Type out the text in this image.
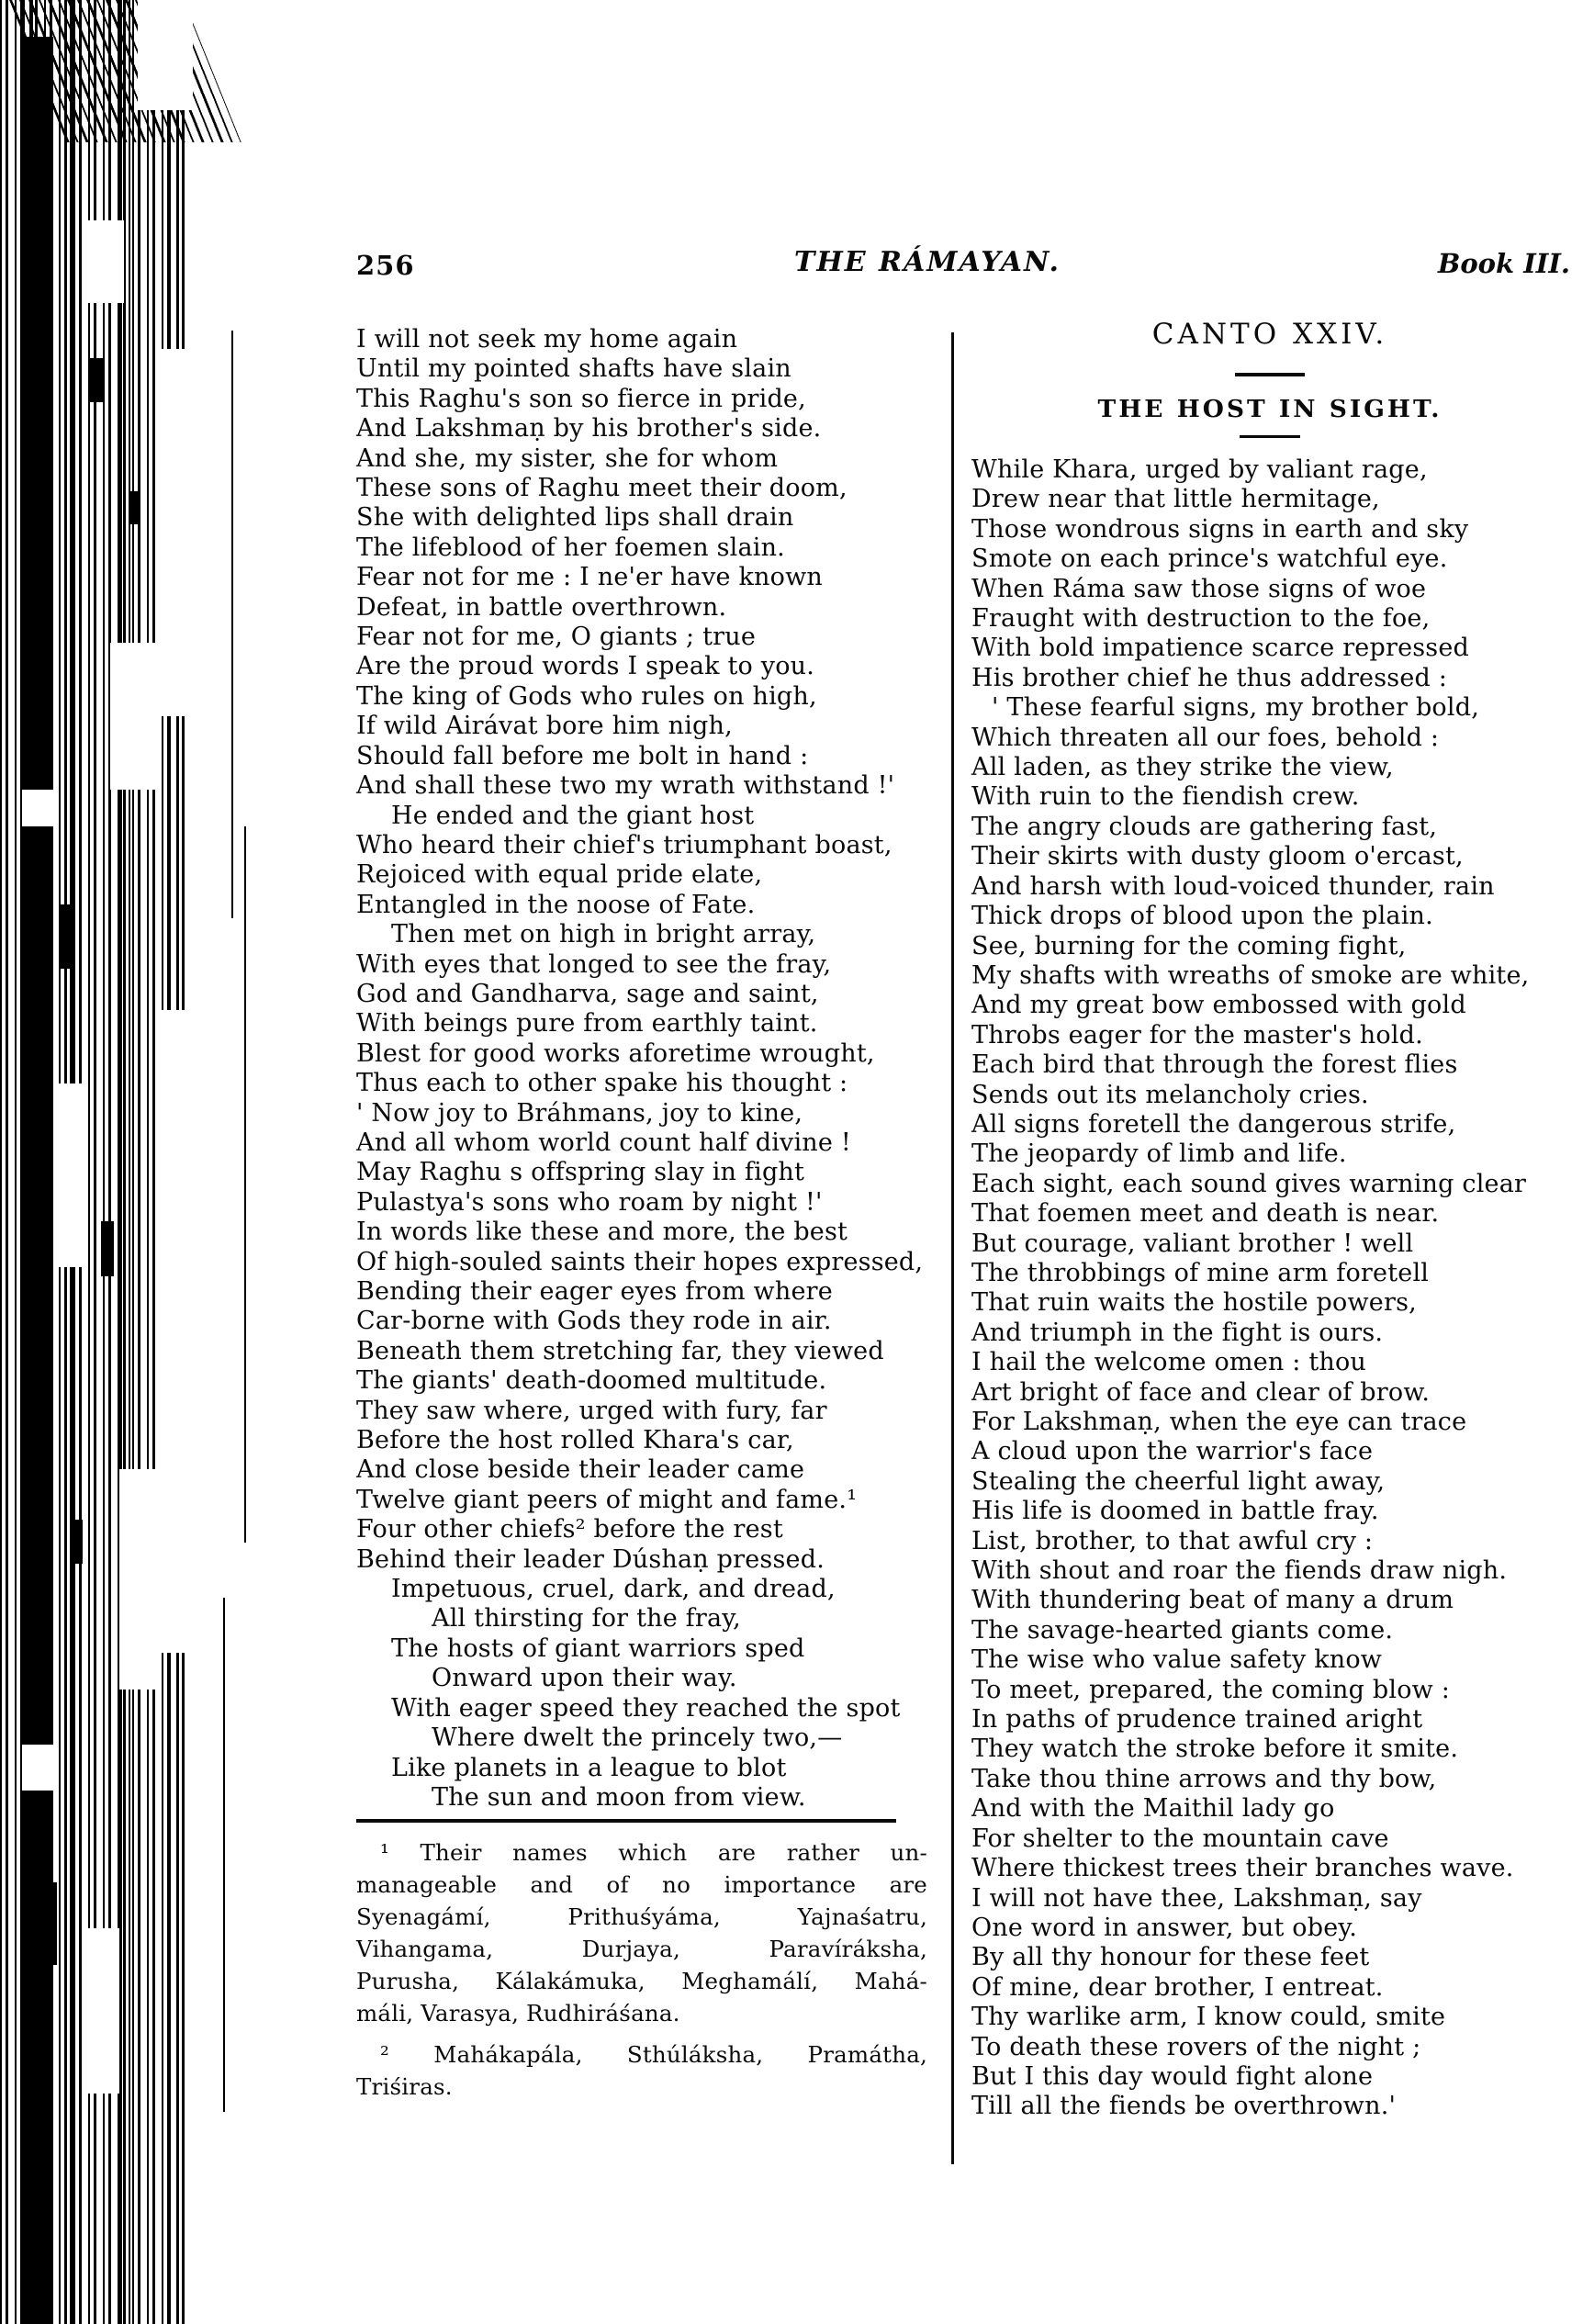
256	THE RÁMAYAN.	Book III.
I will not seek my home again
Until my pointed shafts have slain
This Raghu's son so fierce in pride,
And Lakshmaṇ by his brother's side.
And she, my sister, she for whom
These sons of Raghu meet their doom,
She with delighted lips shall drain
The lifeblood of her foemen slain.
Fear not for me : I ne'er have known
Defeat, in battle overthrown.
Fear not for me, O giants ; true
Are the proud words I speak to you.
The king of Gods who rules on high,
If wild Airávat bore him nigh,
Should fall before me bolt in hand :
And shall these two my wrath withstand !'
He ended and the giant host
Who heard their chief's triumphant boast,
Rejoiced with equal pride elate,
Entangled in the noose of Fate.
Then met on high in bright array,
With eyes that longed to see the fray,
God and Gandharva, sage and saint,
With beings pure from earthly taint.
Blest for good works aforetime wrought,
Thus each to other spake his thought :
' Now joy to Bráhmans, joy to kine,
And all whom world count half divine !
May Raghu s offspring slay in fight
Pulastya's sons who roam by night !'
In words like these and more, the best
Of high-souled saints their hopes expressed,
Bending their eager eyes from where
Car-borne with Gods they rode in air.
Beneath them stretching far, they viewed
The giants' death-doomed multitude.
They saw where, urged with fury, far
Before the host rolled Khara's car,
And close beside their leader came
Twelve giant peers of might and fame.¹
Four other chiefs² before the rest
Behind their leader Dúshaṇ pressed.
Impetuous, cruel, dark, and dread,
All thirsting for the fray,
The hosts of giant warriors sped
Onward upon their way.
With eager speed they reached the spot
Where dwelt the princely two,—
Like planets in a league to blot
The sun and moon from view.
¹ Their names which are rather un-
manageable and of no importance are
Syenagámí, Prithuśyáma, Yajnaśatru,
Vihangama, Durjaya, Paravíráksha,
Purusha, Kálakámuka, Meghamálí, Mahá-
máli, Varasya, Rudhiráśana.
² Mahákapála, Sthúláksha, Pramátha,
Triśiras.
CANTO XXIV.
THE HOST IN SIGHT.
While Khara, urged by valiant rage,
Drew near that little hermitage,
Those wondrous signs in earth and sky
Smote on each prince's watchful eye.
When Ráma saw those signs of woe
Fraught with destruction to the foe,
With bold impatience scarce repressed
His brother chief he thus addressed :
' These fearful signs, my brother bold,
Which threaten all our foes, behold :
All laden, as they strike the view,
With ruin to the fiendish crew.
The angry clouds are gathering fast,
Their skirts with dusty gloom o'ercast,
And harsh with loud-voiced thunder, rain
Thick drops of blood upon the plain.
See, burning for the coming fight,
My shafts with wreaths of smoke are white,
And my great bow embossed with gold
Throbs eager for the master's hold.
Each bird that through the forest flies
Sends out its melancholy cries.
All signs foretell the dangerous strife,
The jeopardy of limb and life.
Each sight, each sound gives warning clear
That foemen meet and death is near.
But courage, valiant brother ! well
The throbbings of mine arm foretell
That ruin waits the hostile powers,
And triumph in the fight is ours.
I hail the welcome omen : thou
Art bright of face and clear of brow.
For Lakshmaṇ, when the eye can trace
A cloud upon the warrior's face
Stealing the cheerful light away,
His life is doomed in battle fray.
List, brother, to that awful cry :
With shout and roar the fiends draw nigh.
With thundering beat of many a drum
The savage-hearted giants come.
The wise who value safety know
To meet, prepared, the coming blow :
In paths of prudence trained aright
They watch the stroke before it smite.
Take thou thine arrows and thy bow,
And with the Maithil lady go
For shelter to the mountain cave
Where thickest trees their branches wave.
I will not have thee, Lakshmaṇ, say
One word in answer, but obey.
By all thy honour for these feet
Of mine, dear brother, I entreat.
Thy warlike arm, I know could, smite
To death these rovers of the night ;
But I this day would fight alone
Till all the fiends be overthrown.'
